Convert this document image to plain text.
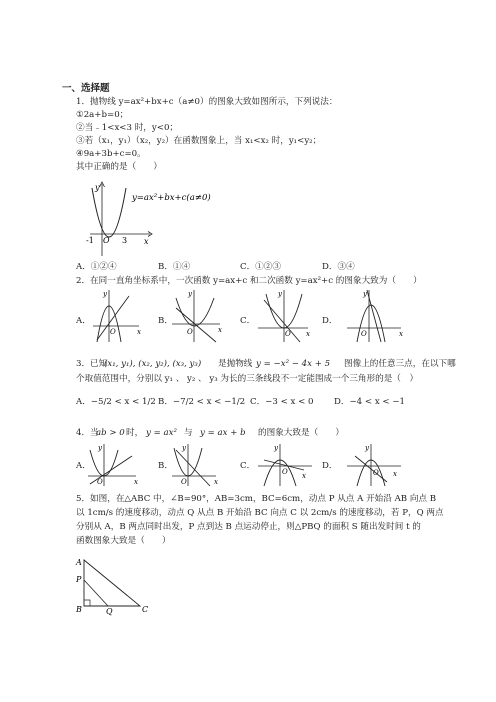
一、选择题
1．抛物线 y=ax²+bx+c（a≠0）的图象大致如图所示，下列说法：
①2a+b=0；
②当﹣1<x<3 时，y<0；
③若（x₁，y₁）（x₂，y₂）在函数图象上，当 x₁<x₂ 时，y₁<y₂；
④9a+3b+c=0。
其中正确的是（　　）
y
x
O
-1	3
y=ax²+bx+c(a≠0)
A．①②④	B．①④	C．①②③	D．③④
2．在同一直角坐标系中，一次函数 y=ax+c 和二次函数 y=ax²+c 的图象大致为（　　）
A．
y
x
O
B．
y
x
O
C．
y
x
O
D．
y
x
O
3．已知
(x₁, y₁), (x₂, y₂), (x₃, y₃) 是抛物线 y = −x² − 4x + 5 图像上的任意三点，在以下哪
个取值范围中，分别以 y₁ 、 y₂ 、 y₃ 为长的三条线段不一定能围成一个三角形的是（　）
A．−5/2 < x < 1/2 B．−7/2 < x < −1/2 C．−3 < x < 0 D．−4 < x < −1
4．当
ab > 0 时， y = ax² 与 y = ax + b 的图象大致是（　　）
A．
y
x
O
B．
y
x
O
C．
y
x
O
D．
y
x
O
5．如图，在△ABC 中，∠B=90°，AB=3cm，BC=6cm，动点 P 从点 A 开始沿 AB 向点 B
以 1cm/s 的速度移动，动点 Q 从点 B 开始沿 BC 向点 C 以 2cm/s 的速度移动，若 P，Q 两点
分别从 A，B 两点同时出发，P 点到达 B 点运动停止，则△PBQ 的面积 S 随出发时间 t 的
函数图象大致是（　　）
A
P
B	Q	C
